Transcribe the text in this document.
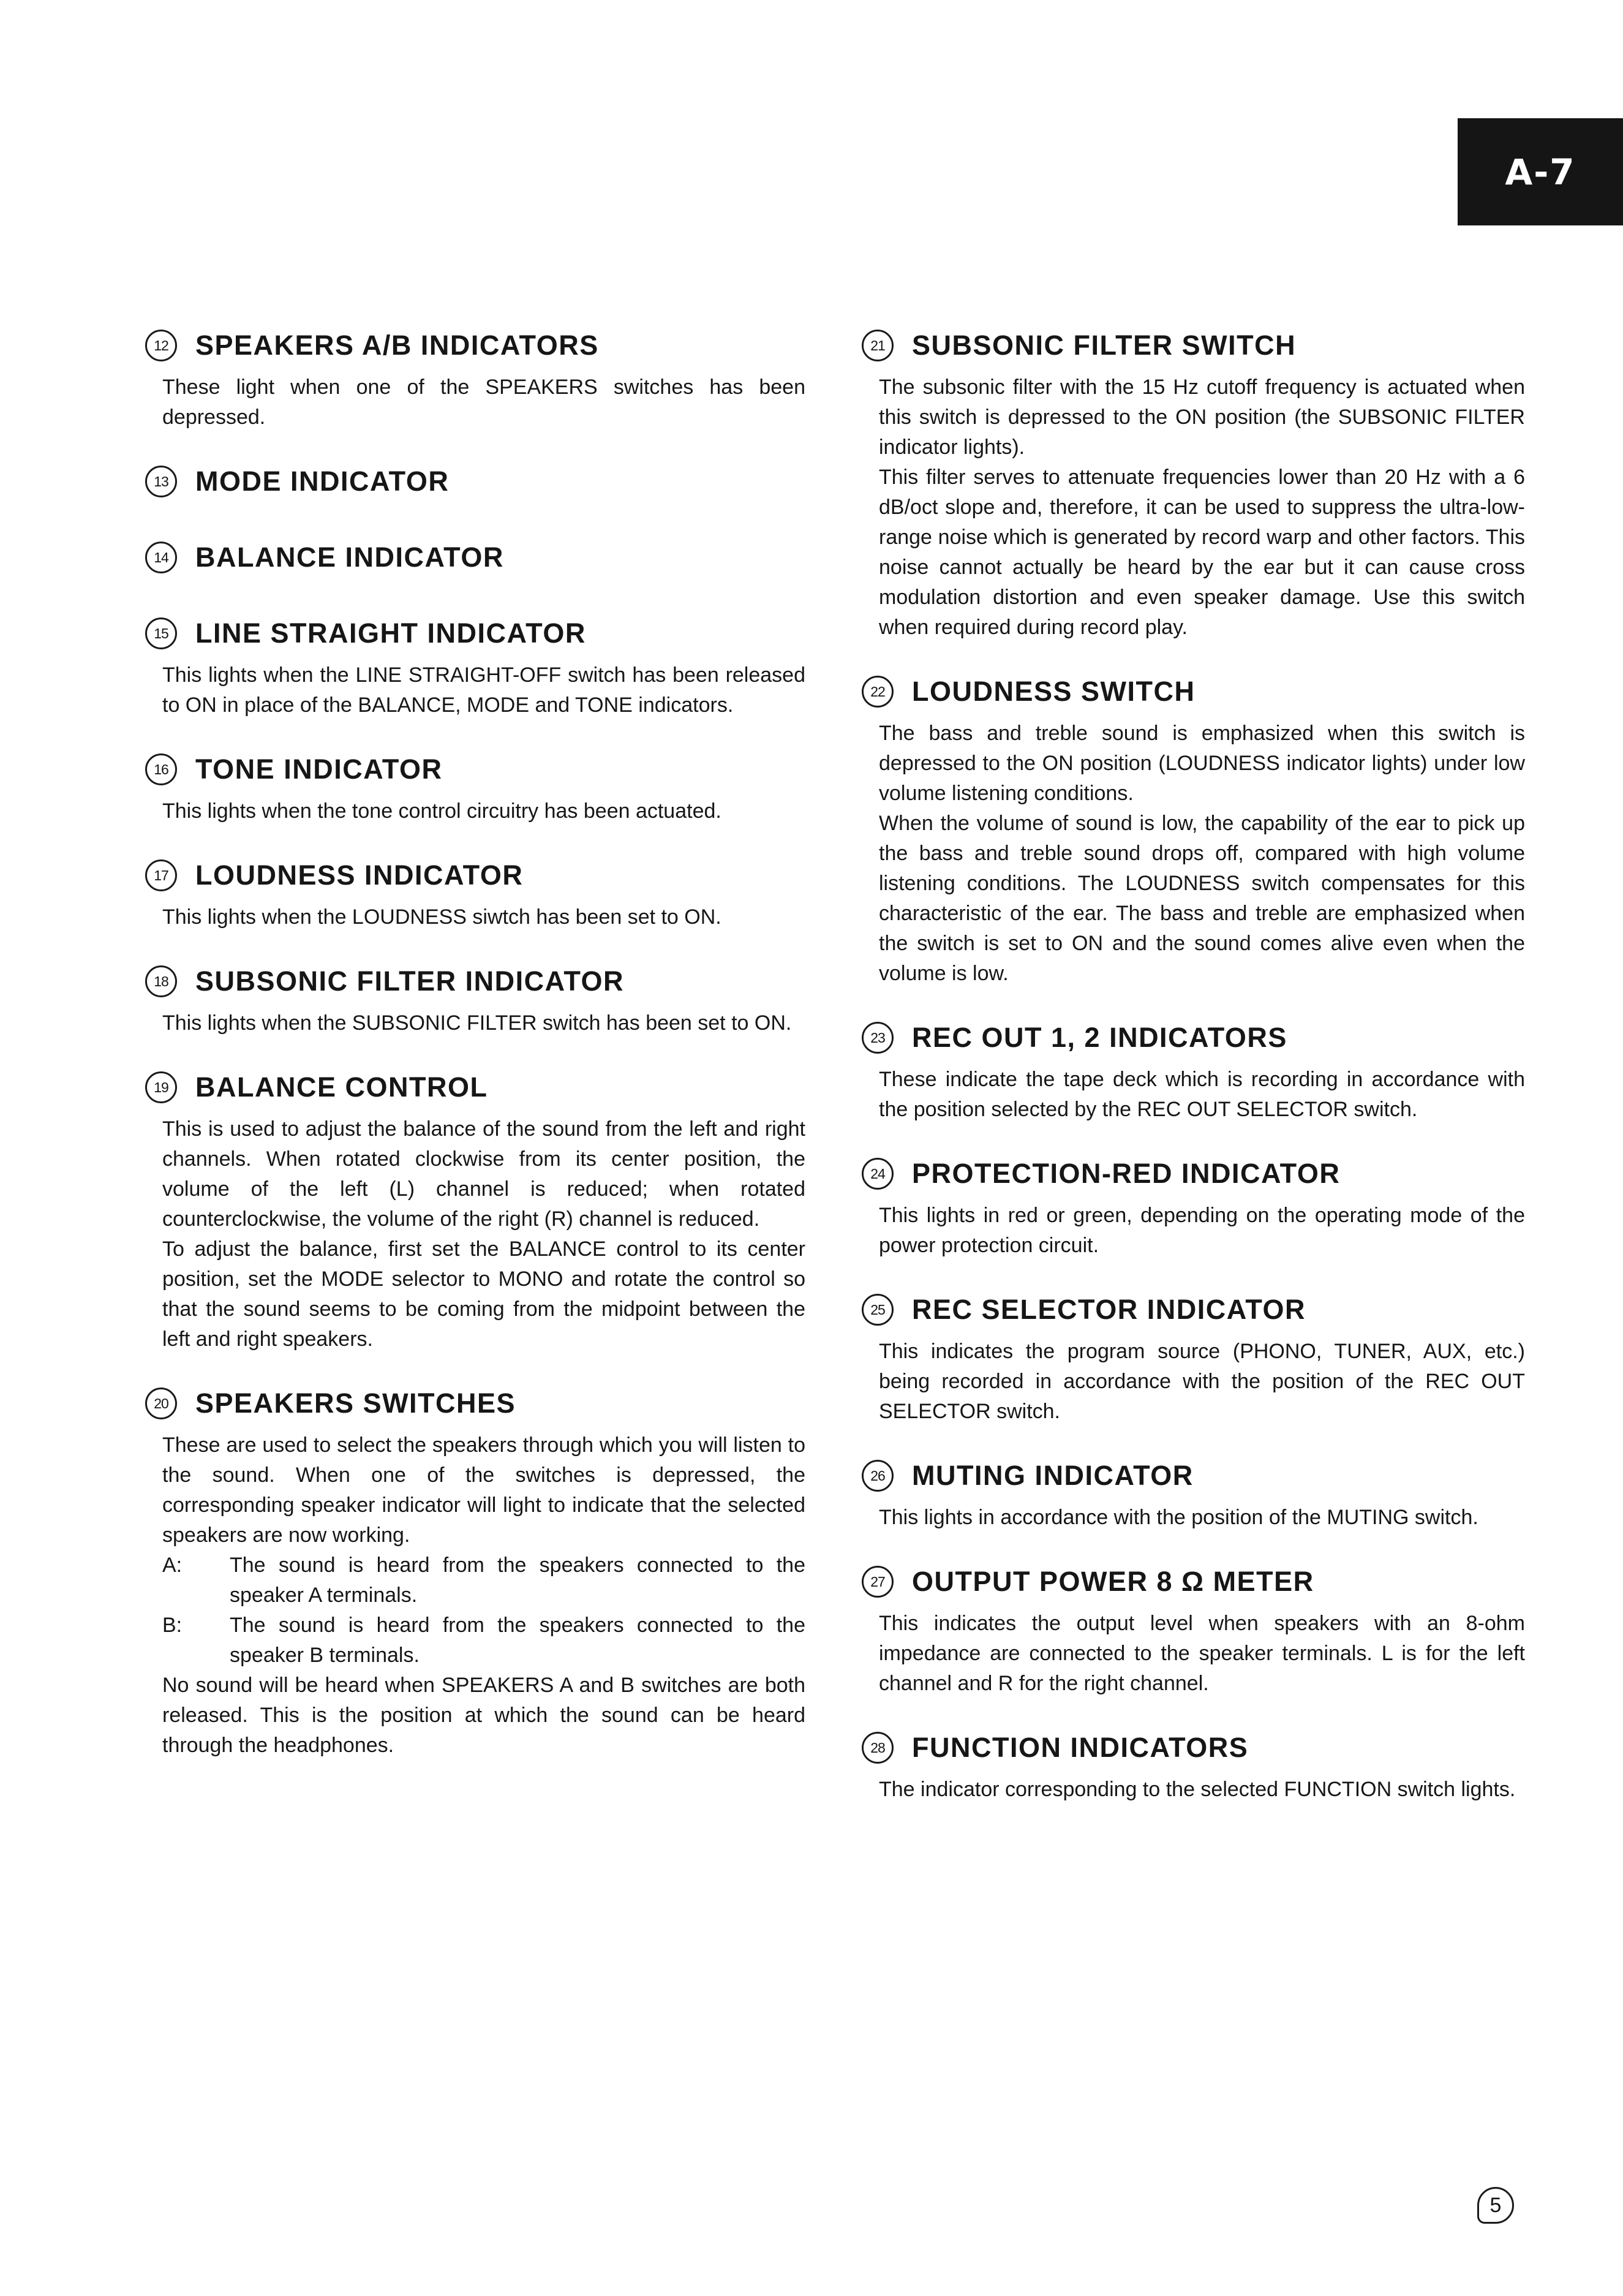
A-7
12 SPEAKERS A/B INDICATORS

These light when one of the SPEAKERS switches has been depressed.

13 MODE INDICATOR
14 BALANCE INDICATOR
15 LINE STRAIGHT INDICATOR

This lights when the LINE STRAIGHT-OFF switch has been released to ON in place of the BALANCE, MODE and TONE indicators.

16 TONE INDICATOR

This lights when the tone control circuitry has been actuated.

17 LOUDNESS INDICATOR

This lights when the LOUDNESS siwtch has been set to ON.

18 SUBSONIC FILTER INDICATOR

This lights when the SUBSONIC FILTER switch has been set to ON.

19 BALANCE CONTROL

This is used to adjust the balance of the sound from the left and right channels. When rotated clockwise from its center position, the volume of the left (L) channel is reduced; when rotated counterclockwise, the volume of the right (R) channel is reduced.

To adjust the balance, first set the BALANCE control to its center position, set the MODE selector to MONO and rotate the control so that the sound seems to be coming from the midpoint between the left and right speakers.

20 SPEAKERS SWITCHES

These are used to select the speakers through which you will listen to the sound. When one of the switches is depressed, the corresponding speaker indicator will light to indicate that the selected speakers are now working.

A:	The sound is heard from the speakers connected to the speaker A terminals.
B:	The sound is heard from the speakers connected to the speaker B terminals.

No sound will be heard when SPEAKERS A and B switches are both released. This is the position at which the sound can be heard through the headphones.

21 SUBSONIC FILTER SWITCH

The subsonic filter with the 15 Hz cutoff frequency is actuated when this switch is depressed to the ON position (the SUBSONIC FILTER indicator lights).

This filter serves to attenuate frequencies lower than 20 Hz with a 6 dB/oct slope and, therefore, it can be used to suppress the ultra-low-range noise which is generated by record warp and other factors. This noise cannot actually be heard by the ear but it can cause cross modulation distortion and even speaker damage. Use this switch when required during record play.

22 LOUDNESS SWITCH

The bass and treble sound is emphasized when this switch is depressed to the ON position (LOUDNESS indicator lights) under low volume listening conditions.

When the volume of sound is low, the capability of the ear to pick up the bass and treble sound drops off, compared with high volume listening conditions. The LOUDNESS switch compensates for this characteristic of the ear. The bass and treble are emphasized when the switch is set to ON and the sound comes alive even when the volume is low.

23 REC OUT 1, 2 INDICATORS

These indicate the tape deck which is recording in accordance with the position selected by the REC OUT SELECTOR switch.

24 PROTECTION-RED INDICATOR

This lights in red or green, depending on the operating mode of the power protection circuit.

25 REC SELECTOR INDICATOR

This indicates the program source (PHONO, TUNER, AUX, etc.) being recorded in accordance with the position of the REC OUT SELECTOR switch.

26 MUTING INDICATOR

This lights in accordance with the position of the MUTING switch.

27 OUTPUT POWER 8 Ω METER

This indicates the output level when speakers with an 8-ohm impedance are connected to the speaker terminals. L is for the left channel and R for the right channel.

28 FUNCTION INDICATORS

The indicator corresponding to the selected FUNCTION switch lights.

5
